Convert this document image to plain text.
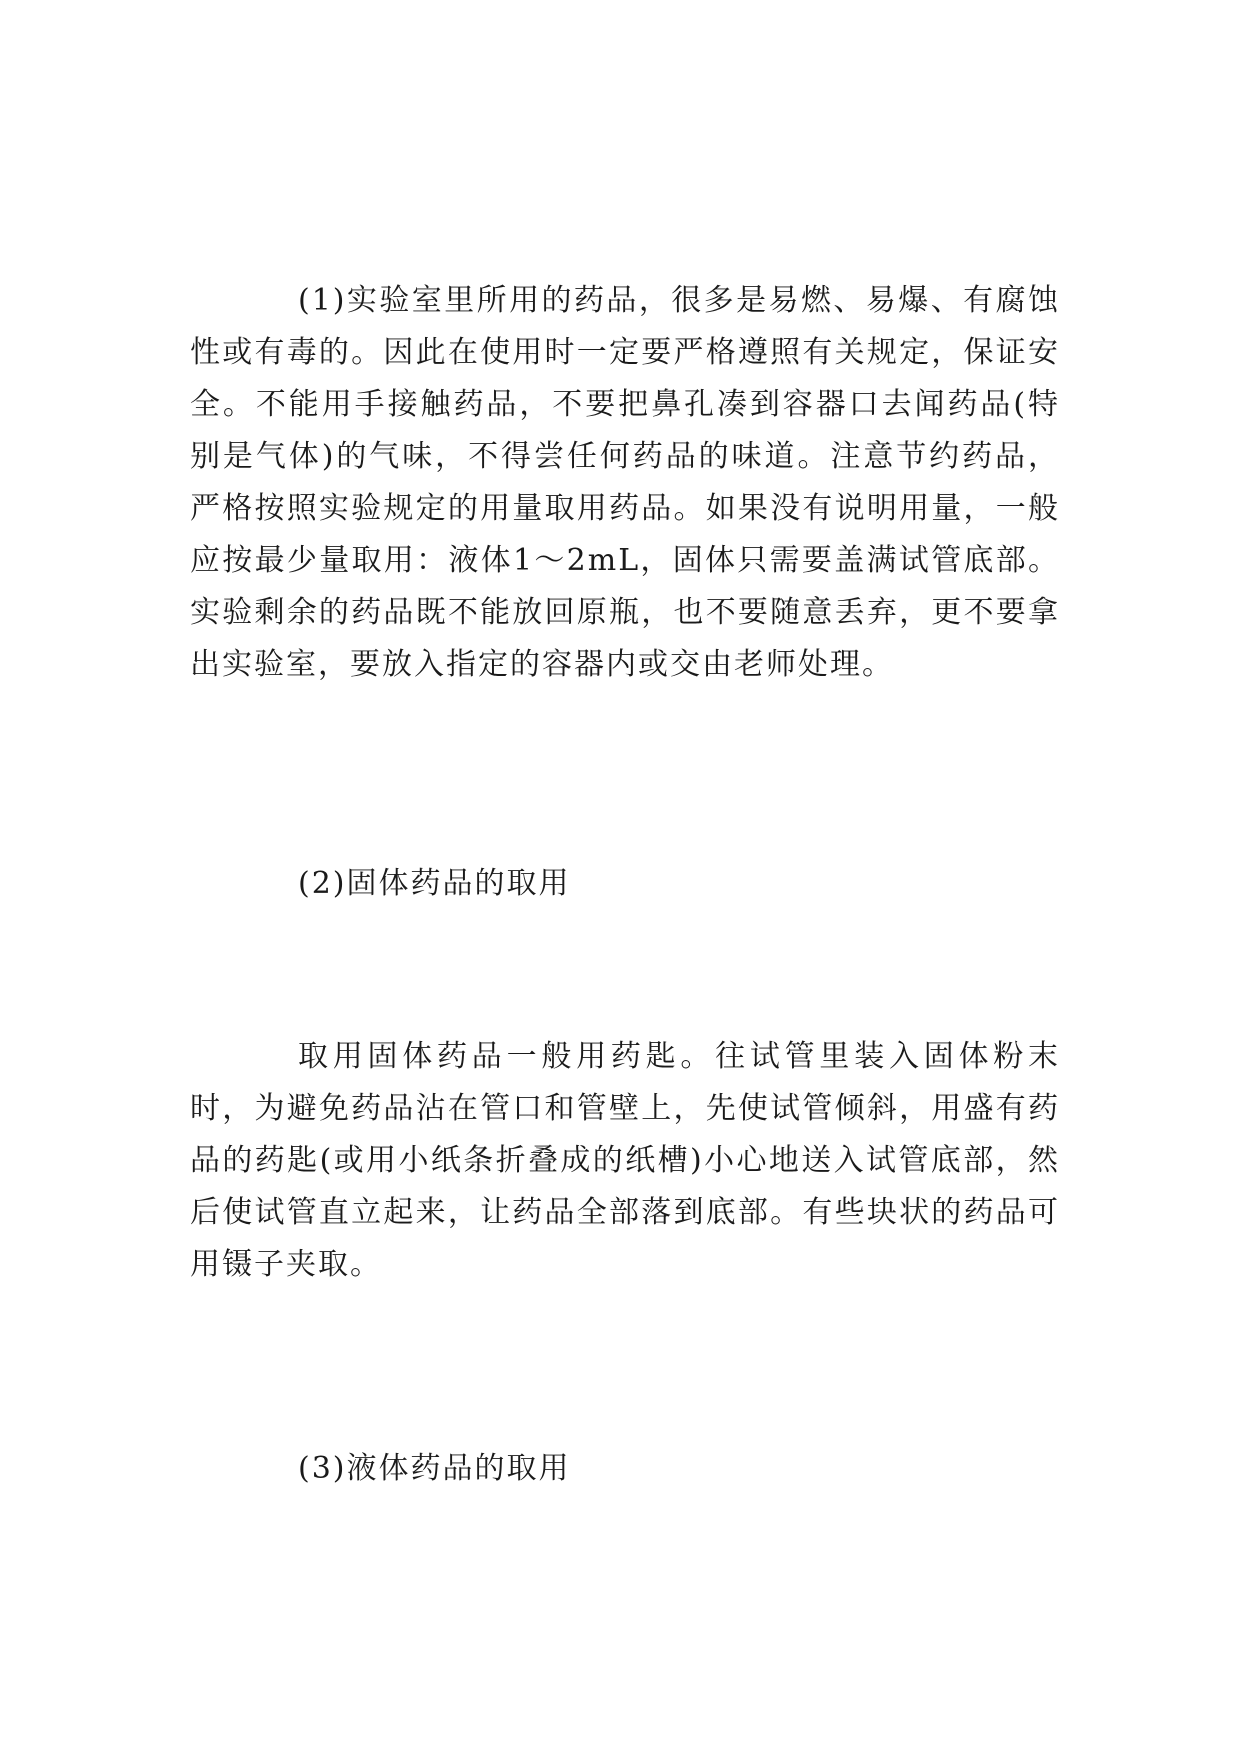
(1)实验室里所用的药品，很多是易燃、易爆、有腐蚀性或有毒的。因此在使用时一定要严格遵照有关规定，保证安全。不能用手接触药品，不要把鼻孔凑到容器口去闻药品(特别是气体)的气味，不得尝任何药品的味道。注意节约药品，严格按照实验规定的用量取用药品。如果没有说明用量，一般应按最少量取用：液体1～2mL，固体只需要盖满试管底部。实验剩余的药品既不能放回原瓶，也不要随意丢弃，更不要拿出实验室，要放入指定的容器内或交由老师处理。

(2)固体药品的取用

取用固体药品一般用药匙。往试管里装入固体粉末时，为避免药品沾在管口和管壁上，先使试管倾斜，用盛有药品的药匙(或用小纸条折叠成的纸槽)小心地送入试管底部，然后使试管直立起来，让药品全部落到底部。有些块状的药品可用镊子夹取。

(3)液体药品的取用
